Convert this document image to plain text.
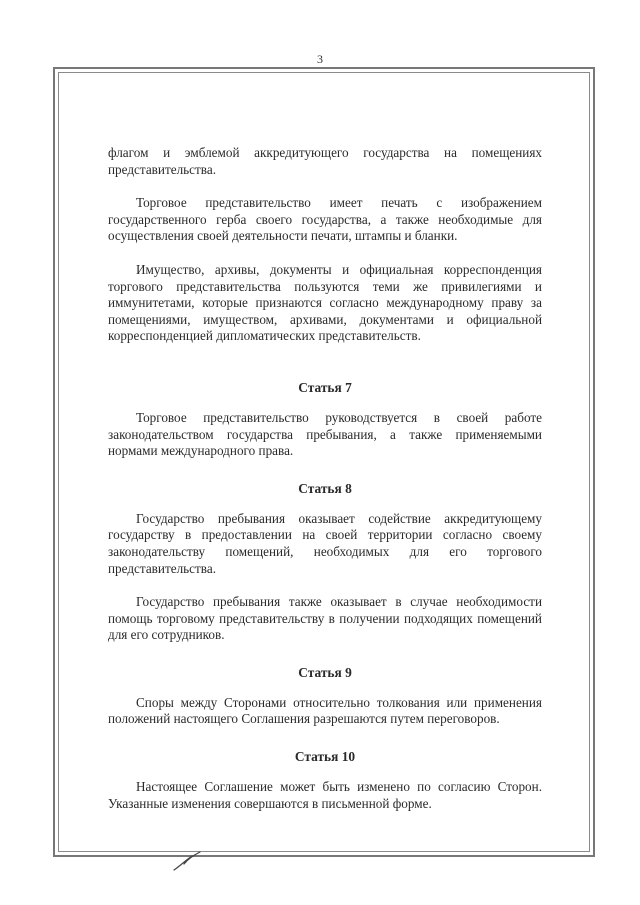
3

флагом и эмблемой аккредитующего государства на помещениях представительства.

Торговое представительство имеет печать с изображением государственного герба своего государства, а также необходимые для осуществления своей деятельности печати, штампы и бланки.

Имущество, архивы, документы и официальная корреспонденция торгового представительства пользуются теми же привилегиями и иммунитетами, которые признаются согласно международному праву за помещениями, имуществом, архивами, документами и официальной корреспонденцией дипломатических представительств.

Статья 7

Торговое представительство руководствуется в своей работе законодательством государства пребывания, а также применяемыми нормами международного права.

Статья 8

Государство пребывания оказывает содействие аккредитующему государству в предоставлении на своей территории согласно своему законодательству помещений, необходимых для его торгового представительства.

Государство пребывания также оказывает в случае необходимости помощь торговому представительству в получении подходящих помещений для его сотрудников.

Статья 9

Споры между Сторонами относительно толкования или применения положений настоящего Соглашения разрешаются путем переговоров.

Статья 10

Настоящее Соглашение может быть изменено по согласию Сторон. Указанные изменения совершаются в письменной форме.
